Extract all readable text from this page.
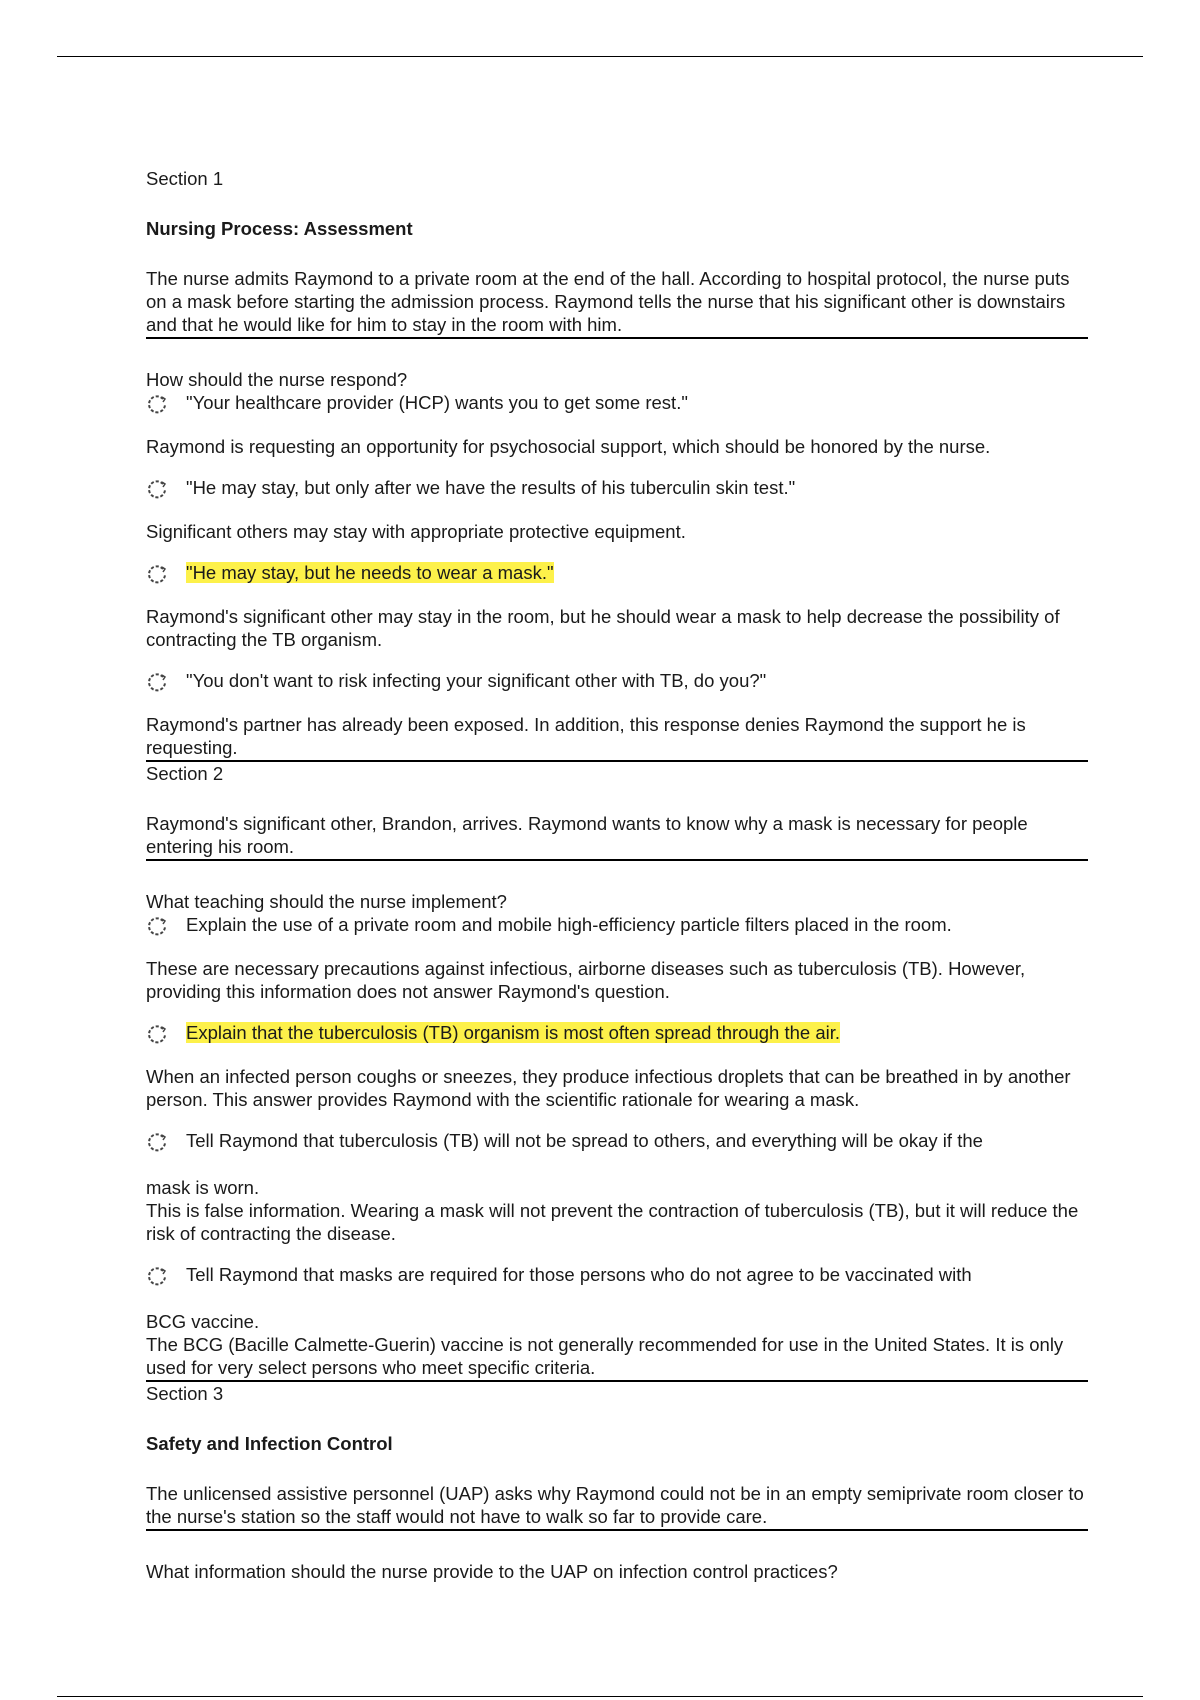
Section 1
Nursing Process: Assessment
The nurse admits Raymond to a private room at the end of the hall. According to hospital protocol, the nurse puts on a mask before starting the admission process. Raymond tells the nurse that his significant other is downstairs and that he would like for him to stay in the room with him.
How should the nurse respond?
"Your healthcare provider (HCP) wants you to get some rest."
Raymond is requesting an opportunity for psychosocial support, which should be honored by the nurse.
"He may stay, but only after we have the results of his tuberculin skin test."
Significant others may stay with appropriate protective equipment.
"He may stay, but he needs to wear a mask."
Raymond's significant other may stay in the room, but he should wear a mask to help decrease the possibility of contracting the TB organism.
"You don't want to risk infecting your significant other with TB, do you?"
Raymond's partner has already been exposed. In addition, this response denies Raymond the support he is requesting.
Section 2
Raymond's significant other, Brandon, arrives. Raymond wants to know why a mask is necessary for people entering his room.
What teaching should the nurse implement?
Explain the use of a private room and mobile high-efficiency particle filters placed in the room.
These are necessary precautions against infectious, airborne diseases such as tuberculosis (TB). However, providing this information does not answer Raymond's question.
Explain that the tuberculosis (TB) organism is most often spread through the air.
When an infected person coughs or sneezes, they produce infectious droplets that can be breathed in by another person. This answer provides Raymond with the scientific rationale for wearing a mask.
Tell Raymond that tuberculosis (TB) will not be spread to others, and everything will be okay if the
mask is worn.
This is false information. Wearing a mask will not prevent the contraction of tuberculosis (TB), but it will reduce the risk of contracting the disease.
Tell Raymond that masks are required for those persons who do not agree to be vaccinated with
BCG vaccine.
The BCG (Bacille Calmette-Guerin) vaccine is not generally recommended for use in the United States. It is only used for very select persons who meet specific criteria.
Section 3
Safety and Infection Control
The unlicensed assistive personnel (UAP) asks why Raymond could not be in an empty semiprivate room closer to the nurse's station so the staff would not have to walk so far to provide care.
What information should the nurse provide to the UAP on infection control practices?
